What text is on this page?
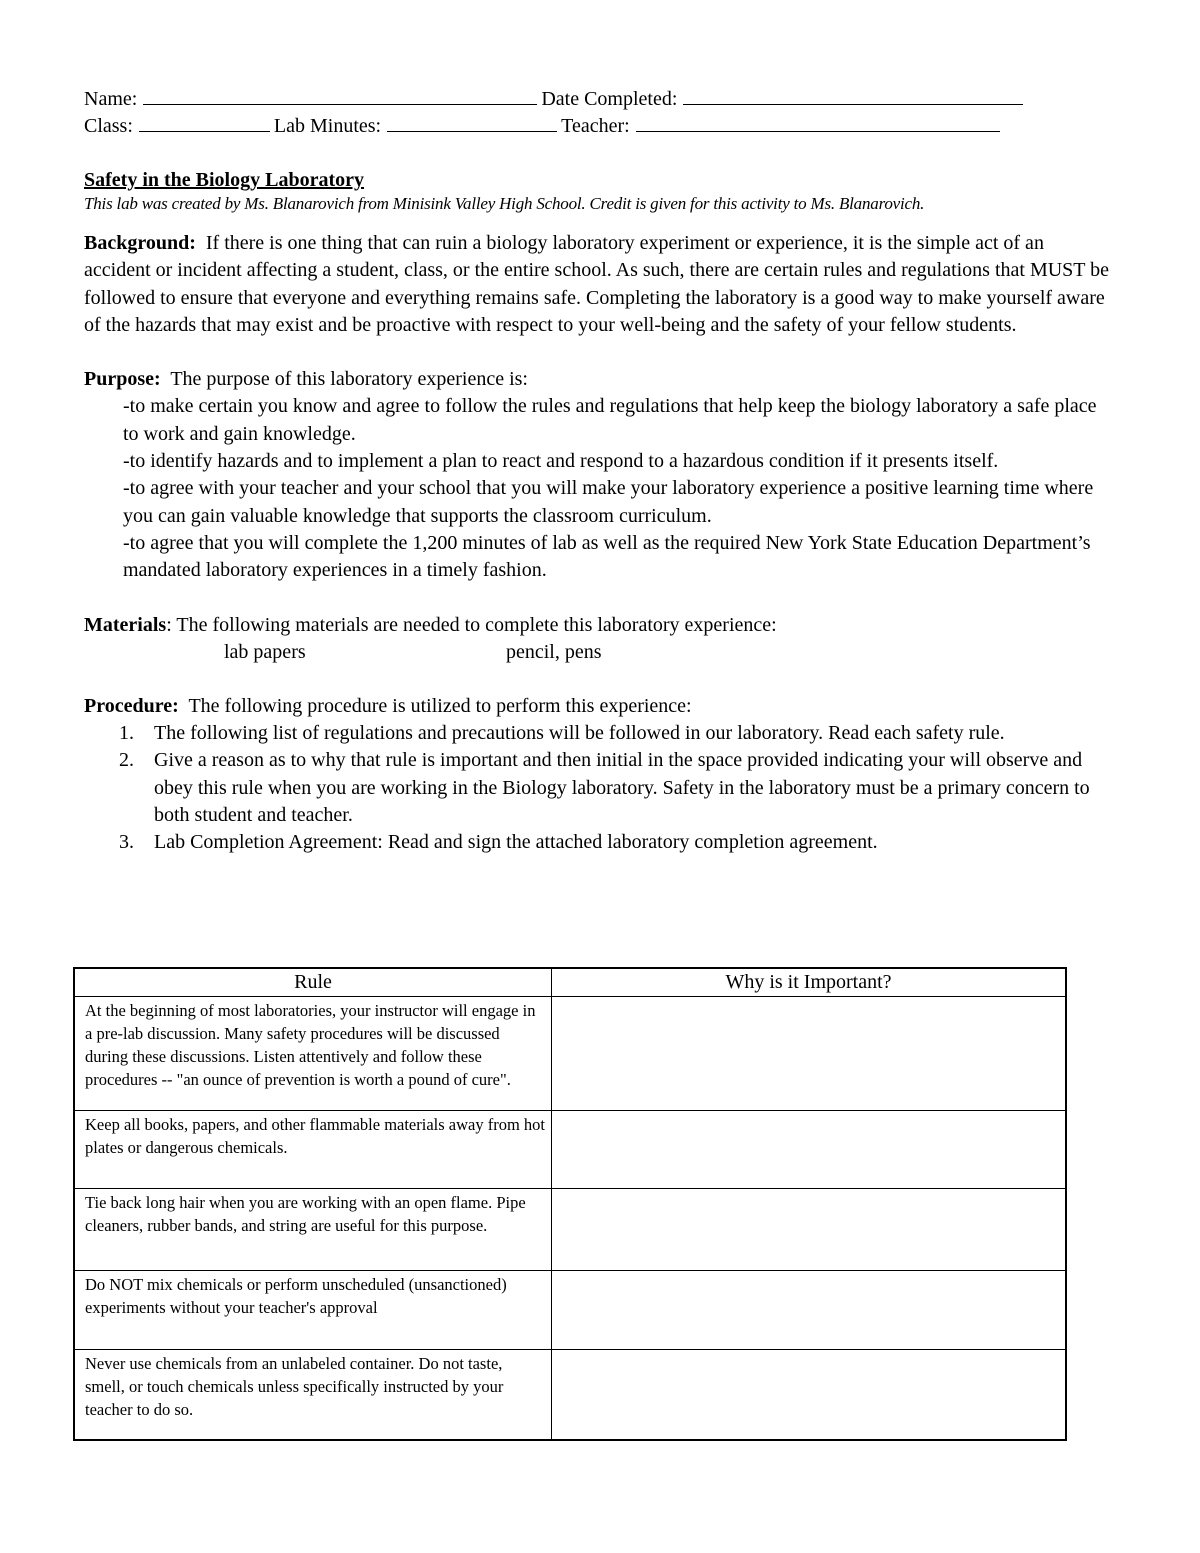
Name:	Date Completed:
Class:	Lab Minutes:	Teacher:
Safety in the Biology Laboratory
This lab was created by Ms. Blanarovich from Minisink Valley High School. Credit is given for this activity to Ms. Blanarovich.
Background: If there is one thing that can ruin a biology laboratory experiment or experience, it is the simple act of an accident or incident affecting a student, class, or the entire school. As such, there are certain rules and regulations that MUST be followed to ensure that everyone and everything remains safe. Completing the laboratory is a good way to make yourself aware of the hazards that may exist and be proactive with respect to your well-being and the safety of your fellow students.
Purpose: The purpose of this laboratory experience is:
-to make certain you know and agree to follow the rules and regulations that help keep the biology laboratory a safe place to work and gain knowledge.
-to identify hazards and to implement a plan to react and respond to a hazardous condition if it presents itself.
-to agree with your teacher and your school that you will make your laboratory experience a positive learning time where you can gain valuable knowledge that supports the classroom curriculum.
-to agree that you will complete the 1,200 minutes of lab as well as the required New York State Education Department’s mandated laboratory experiences in a timely fashion.
Materials: The following materials are needed to complete this laboratory experience:
lab papers	pencil, pens
Procedure: The following procedure is utilized to perform this experience:
1. The following list of regulations and precautions will be followed in our laboratory. Read each safety rule.
2. Give a reason as to why that rule is important and then initial in the space provided indicating your will observe and obey this rule when you are working in the Biology laboratory. Safety in the laboratory must be a primary concern to both student and teacher.
3. Lab Completion Agreement: Read and sign the attached laboratory completion agreement.
Rule	Why is it Important?
At the beginning of most laboratories, your instructor will engage in a pre-lab discussion. Many safety procedures will be discussed during these discussions. Listen attentively and follow these procedures -- "an ounce of prevention is worth a pound of cure".	
Keep all books, papers, and other flammable materials away from hot plates or dangerous chemicals.	
Tie back long hair when you are working with an open flame. Pipe cleaners, rubber bands, and string are useful for this purpose.	
Do NOT mix chemicals or perform unscheduled (unsanctioned) experiments without your teacher's approval	
Never use chemicals from an unlabeled container. Do not taste, smell, or touch chemicals unless specifically instructed by your teacher to do so.	
